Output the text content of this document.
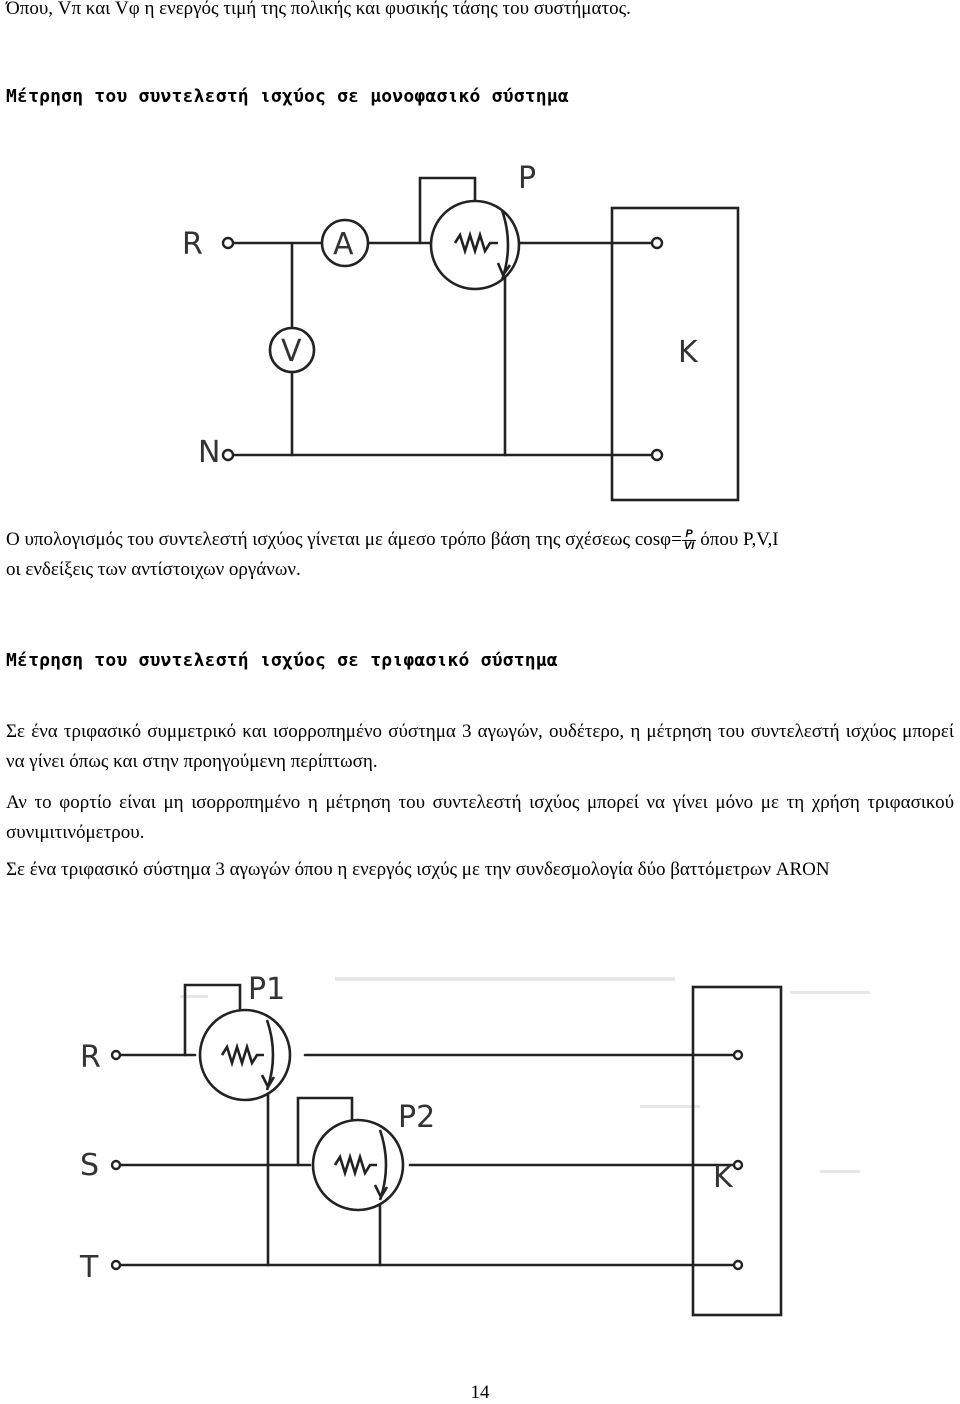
Όπου, Vπ και Vφ η ενεργός τιμή της πολικής και φυσικής τάσης του συστήματος.
Μέτρηση του συντελεστή ισχύος σε μονοφασικό σύστημα
A
V
R
N
P
K
Ο υπολογισμός του συντελεστή ισχύος γίνεται με άμεσο τρόπο βάση της σχέσεως $\cos\varphi= \frac{P}{VI}$ όπου P,V,I
οι ενδείξεις των αντίστοιχων οργάνων.
Μέτρηση του συντελεστή ισχύος σε τριφασικό σύστημα
Σε ένα τριφασικό συμμετρικό και ισορροπημένο σύστημα 3 αγωγών, ουδέτερο, η μέτρηση του συντελεστή ισχύος μπορεί να γίνει όπως και στην προηγούμενη περίπτωση.
Αν το φορτίο είναι μη ισορροπημένο η μέτρηση του συντελεστή ισχύος μπορεί να γίνει μόνο με τη χρήση τριφασικού συνιμιτινόμετρου.
Σε ένα τριφασικό σύστημα 3 αγωγών όπου η ενεργός ισχύς με την συνδεσμολογία δύο βαττόμετρων ARON
R
S
T
P1
P2
K
14
